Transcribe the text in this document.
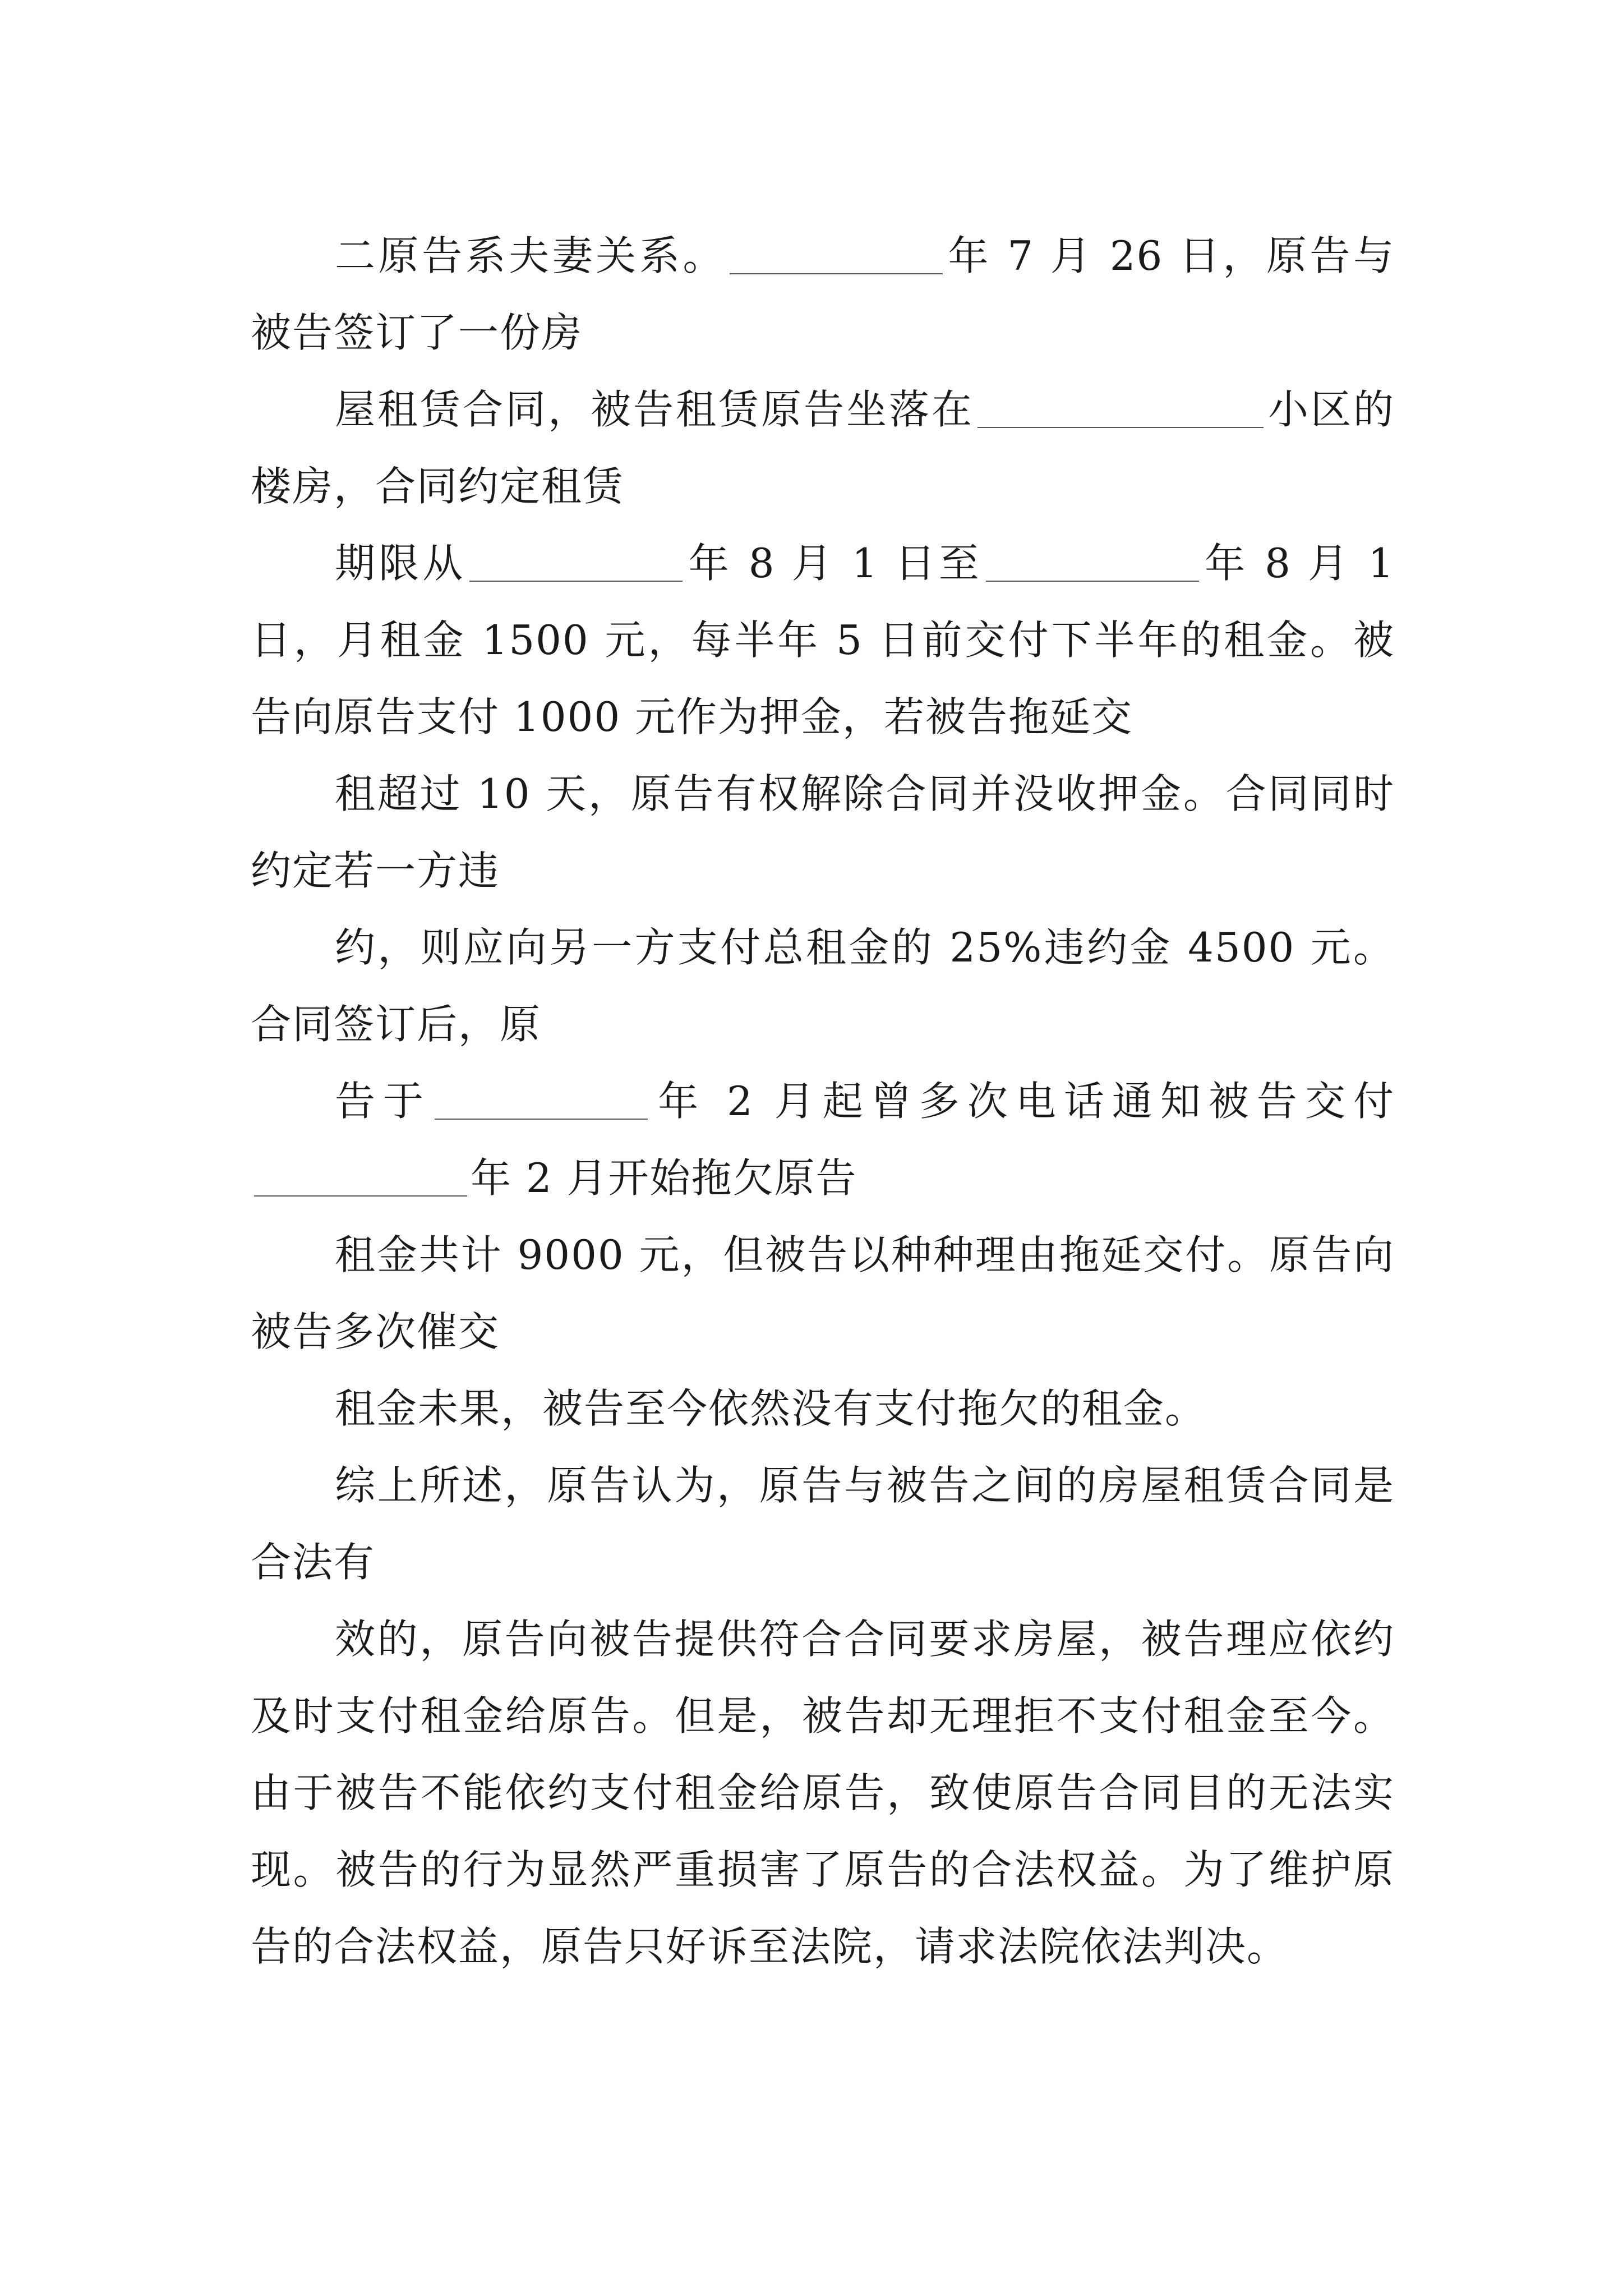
二原告系夫妻关系。	年 7 月 26 日，原告与被告签订了一份房

屋租赁合同，被告租赁原告坐落在	小区的楼房，合同约定租赁

期限从	年 8 月 1 日至	年 8 月 1 日，月租金 1500 元，每半年 5 日前交付下半年的租金。被告向原告支付 1000 元作为押金，若被告拖延交

租超过 10 天，原告有权解除合同并没收押金。合同同时约定若一方违

约，则应向另一方支付总租金的 25%违约金 4500 元。合同签订后，原

告于	年 2 月起曾多次电话通知被告交付年 2 月开始拖欠原告

租金共计 9000 元，但被告以种种理由拖延交付。原告向被告多次催交

租金未果，被告至今依然没有支付拖欠的租金。

综上所述，原告认为，原告与被告之间的房屋租赁合同是合法有

效的，原告向被告提供符合合同要求房屋，被告理应依约及时支付租金给原告。但是，被告却无理拒不支付租金至今。由于被告不能依约支付租金给原告，致使原告合同目的无法实现。被告的行为显然严重损害了原告的合法权益。为了维护原告的合法权益，原告只好诉至法院，请求法院依法判决。
